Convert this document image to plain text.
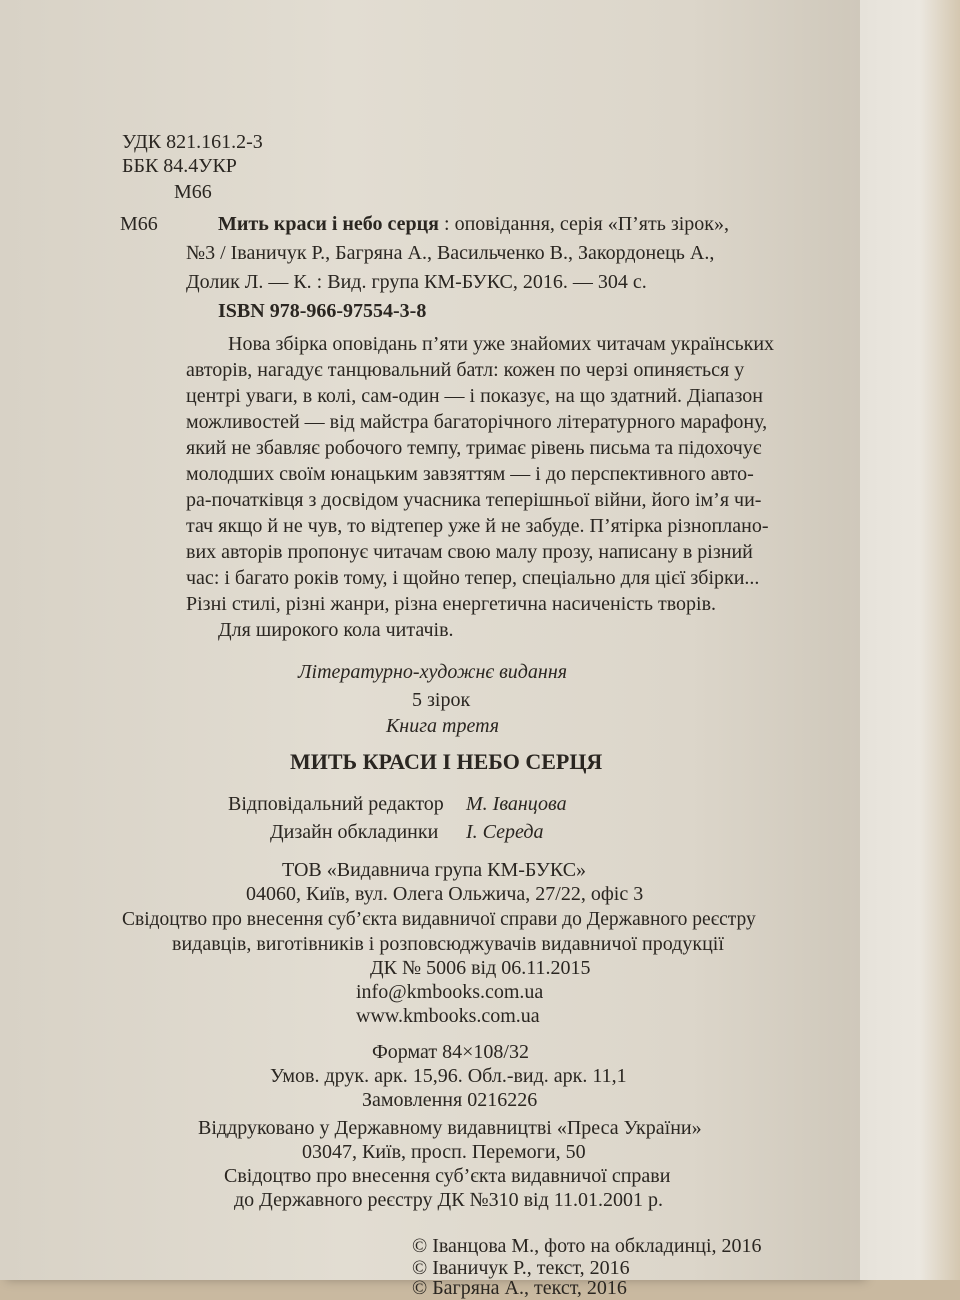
УДК 821.161.2-3
ББК 84.4УКР
М66
М66	Мить краси і небо серця : оповідання, серія «П’ять зірок»,
№3 / Іваничук Р., Багряна А., Васильченко В., Закордонець А.,
Долик Л. — К. : Вид. група КМ-БУКС, 2016. — 304 с.
ISBN 978-966-97554-3-8
Нова збірка оповідань п’яти уже знайомих читачам українських
авторів, нагадує танцювальний батл: кожен по черзі опиняється у
центрі уваги, в колі, сам-один — і показує, на що здатний. Діапазон
можливостей — від майстра багаторічного літературного марафону,
який не збавляє робочого темпу, тримає рівень письма та підохочує
молодших своїм юнацьким завзяттям — і до перспективного авто-
ра-початківця з досвідом учасника теперішньої війни, його ім’я чи-
тач якщо й не чув, то відтепер уже й не забуде. П’ятірка різнопланo-
вих авторів пропонує читачам свою малу прозу, написану в різний
час: і багато років тому, і щойно тепер, спеціально для цієї збірки...
Різні стилі, різні жанри, різна енергетична насиченість творів.
Для широкого кола читачів.
Літературно-художнє видання
5 зірок
Книга третя
МИТЬ КРАСИ І НЕБО СЕРЦЯ
Відповідальний редактор М. Іванцова
Дизайн обкладинки І. Середа
ТОВ «Видавнича група КМ-БУКС»
04060, Київ, вул. Олега Ольжича, 27/22, офіс 3
Свідоцтво про внесення суб’єкта видавничої справи до Державного реєстру
видавців, виготівників і розповсюджувачів видавничої продукції
ДК № 5006 від 06.11.2015
info@kmbooks.com.ua
www.kmbooks.com.ua
Формат 84×108/32
Умов. друк. арк. 15,96. Обл.-вид. арк. 11,1
Замовлення 0216226
Віддруковано у Державному видавництві «Преса України»
03047, Київ, просп. Перемоги, 50
Свідоцтво про внесення суб’єкта видавничої справи
до Державного реєстру ДК №310 від 11.01.2001 р.
© Іванцова М., фото на обкладинці, 2016
© Іваничук Р., текст, 2016
© Багряна А., текст, 2016
